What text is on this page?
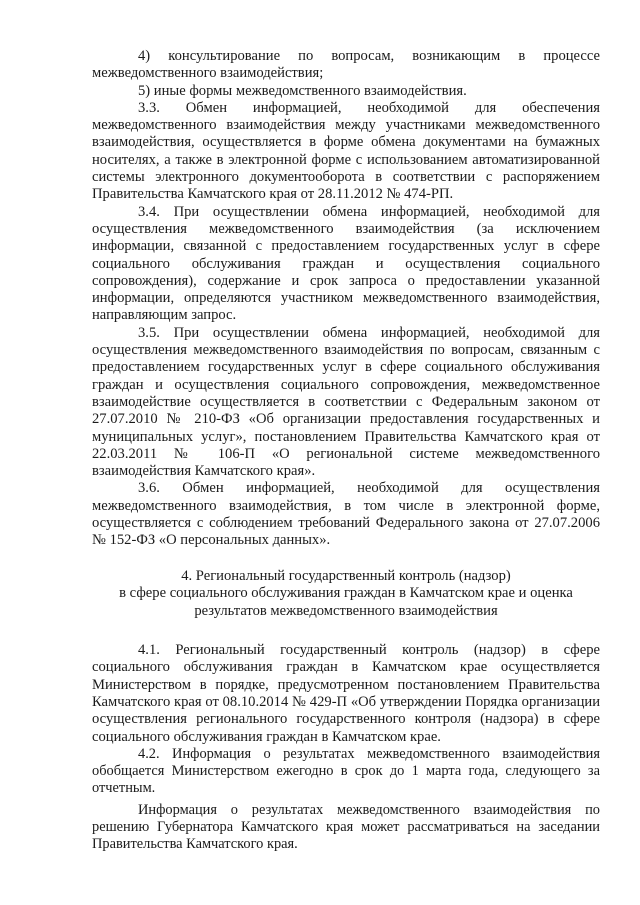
4) консультирование по вопросам, возникающим в процессе межведомственного взаимодействия;

5) иные формы межведомственного взаимодействия.

3.3. Обмен информацией, необходимой для обеспечения межведомственного взаимодействия между участниками межведомственного взаимодействия, осуществляется в форме обмена документами на бумажных носителях, а также в электронной форме с использованием автоматизированной системы электронного документооборота в соответствии с распоряжением Правительства Камчатского края от 28.11.2012 № 474-РП.

3.4. При осуществлении обмена информацией, необходимой для осуществления межведомственного взаимодействия (за исключением информации, связанной с предоставлением государственных услуг в сфере социального обслуживания граждан и осуществления социального сопровождения), содержание и срок запроса о предоставлении указанной информации, определяются участником межведомственного взаимодействия, направляющим запрос.

3.5. При осуществлении обмена информацией, необходимой для осуществления межведомственного взаимодействия по вопросам, связанным с предоставлением государственных услуг в сфере социального обслуживания граждан и осуществления социального сопровождения, межведомственное взаимодействие осуществляется в соответствии с Федеральным законом от 27.07.2010 № 210-ФЗ «Об организации предоставления государственных и муниципальных услуг», постановлением Правительства Камчатского края от 22.03.2011 № 106-П «О региональной системе межведомственного взаимодействия Камчатского края».

3.6. Обмен информацией, необходимой для осуществления межведомственного взаимодействия, в том числе в электронной форме, осуществляется с соблюдением требований Федерального закона от 27.07.2006 № 152-ФЗ «О персональных данных».

4. Региональный государственный контроль (надзор)
в сфере социального обслуживания граждан в Камчатском крае и оценка
результатов межведомственного взаимодействия

4.1. Региональный государственный контроль (надзор) в сфере социального обслуживания граждан в Камчатском крае осуществляется Министерством в порядке, предусмотренном постановлением Правительства Камчатского края от 08.10.2014 № 429-П «Об утверждении Порядка организации осуществления регионального государственного контроля (надзора) в сфере социального обслуживания граждан в Камчатском крае.

4.2. Информация о результатах межведомственного взаимодействия обобщается Министерством ежегодно в срок до 1 марта года, следующего за отчетным.

Информация о результатах межведомственного взаимодействия по решению Губернатора Камчатского края может рассматриваться на заседании Правительства Камчатского края.
